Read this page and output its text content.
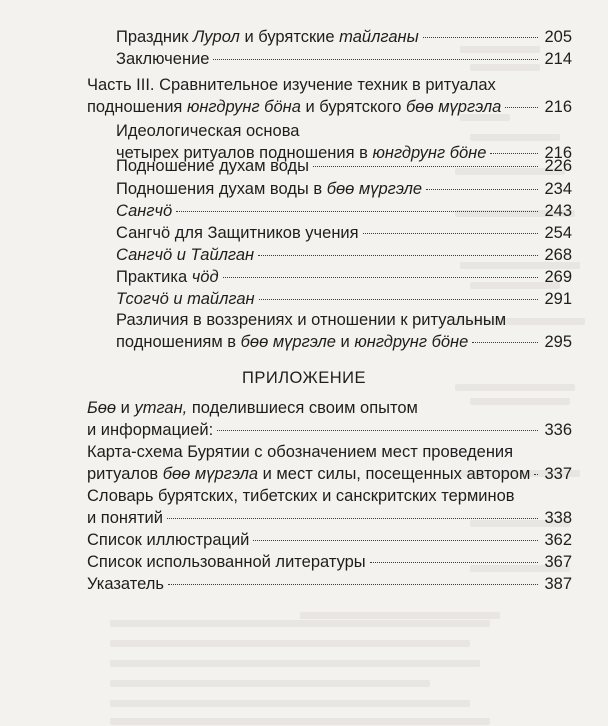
Праздник Лурол и бурятские тайлганы	205
Заключение	214
Часть III. Сравнительное изучение техник в ритуалах
подношения юнгдрунг бöна и бурятского бөө мүргэла	216
Идеологическая основа
четырех ритуалов подношения в юнгдрунг бöне	216
Подношение духам воды	226
Подношения духам воды в бөө мүргэле	234
Сангчö	243
Сангчö для Защитников учения	254
Сангчö и Тайлган	268
Практика чöд	269
Тсогчö и тайлган	291
Различия в воззрениях и отношении к ритуальным
подношениям в бөө мүргэле и юнгдрунг бöне	295
ПРИЛОЖЕНИЕ
Бөө и утган, поделившиеся своим опытом
и информацией:	336
Карта-схема Бурятии с обозначением мест проведения
ритуалов бөө мүргэла и мест силы, посещенных автором 337
Словарь бурятских, тибетских и санскритских терминов
и понятий	338
Список иллюстраций	362
Список использованной литературы	367
Указатель	387
